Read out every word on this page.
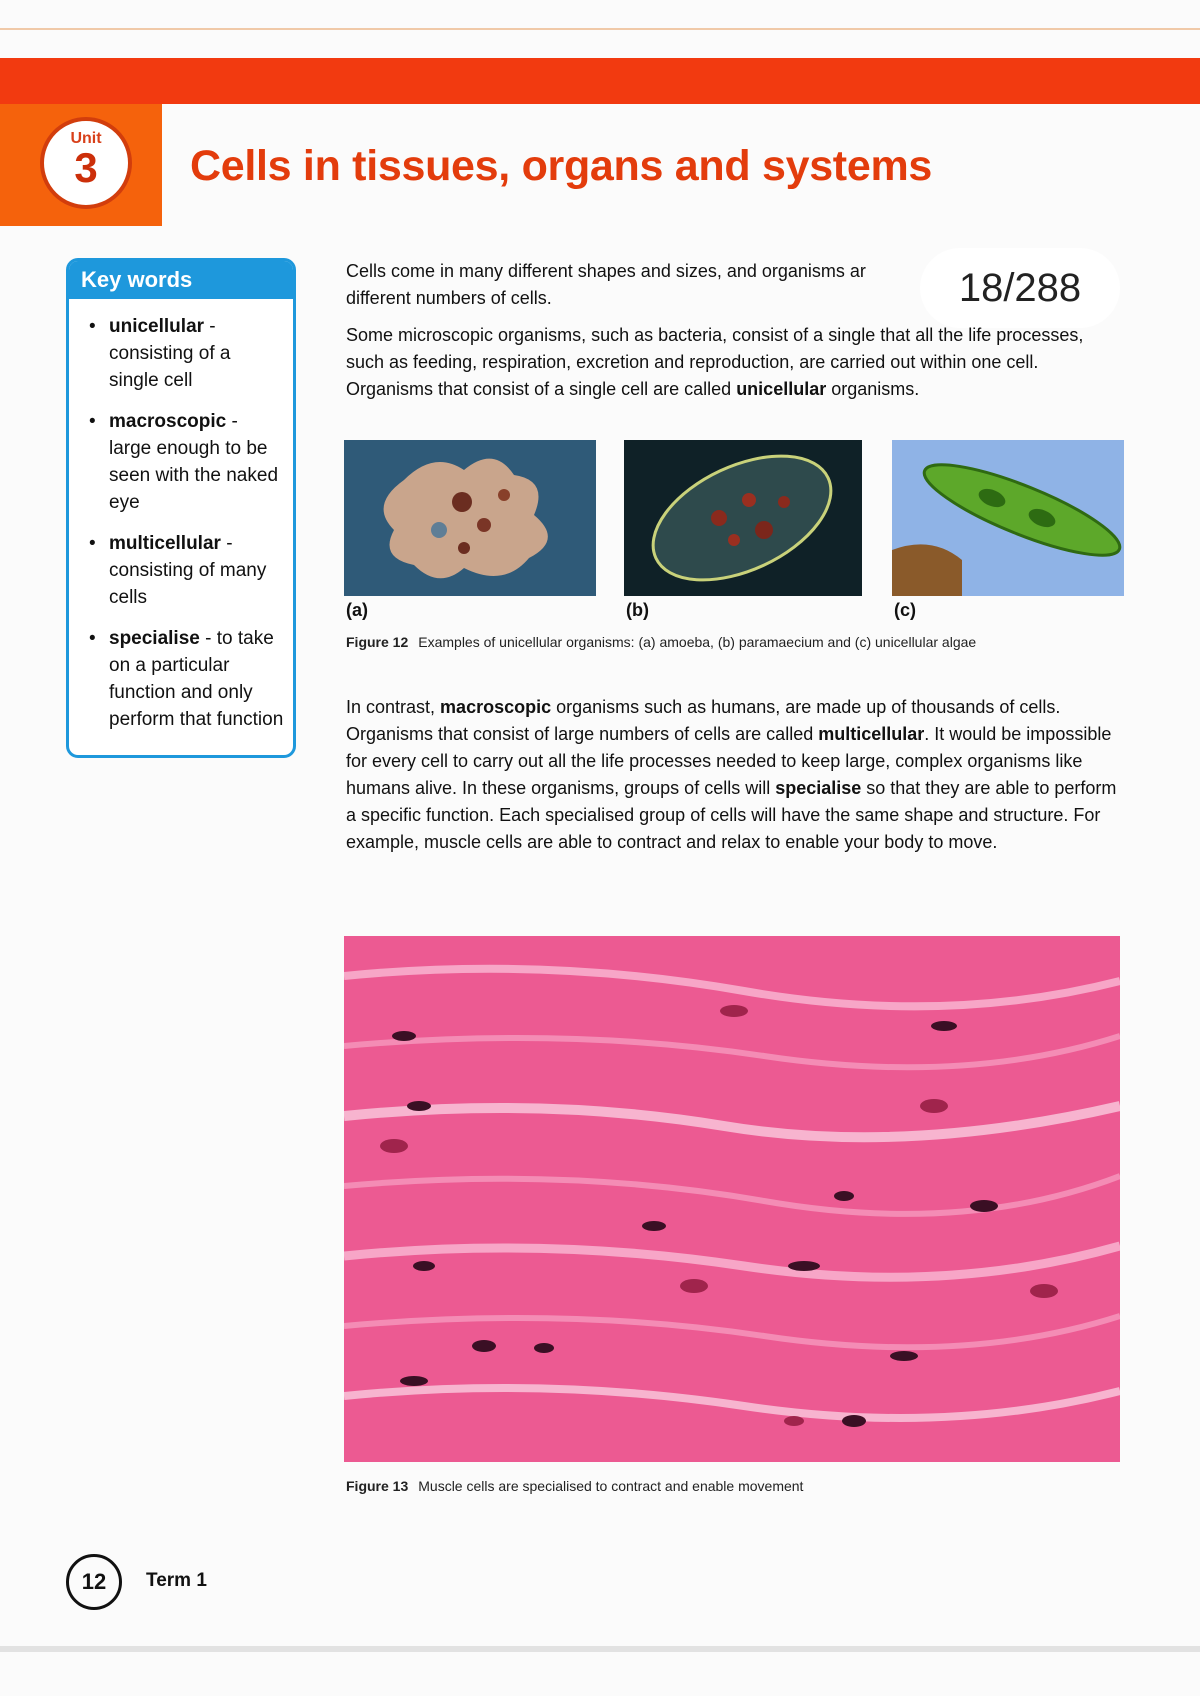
Unit
3 Cells in tissues, organs and systems
Key words
• unicellular - consisting of a single cell
• macroscopic - large enough to be seen with the naked eye
• multicellular - consisting of many cells
• specialise - to take on a particular function and only perform that function

Cells come in many different shapes and sizes, and organisms ar
different numbers of cells.	18/288

Some microscopic organisms, such as bacteria, consist of a single that all the life processes, such as feeding, respiration, excretion and reproduction, are carried out within one cell. Organisms that consist of a single cell are called unicellular organisms.

(a)	(b)	(c)
Figure 12 Examples of unicellular organisms: (a) amoeba, (b) paramaecium and (c) unicellular algae

In contrast, macroscopic organisms such as humans, are made up of thousands of cells. Organisms that consist of large numbers of cells are called multicellular. It would be impossible for every cell to carry out all the life processes needed to keep large, complex organisms like humans alive. In these organisms, groups of cells will specialise so that they are able to perform a specific function. Each specialised group of cells will have the same shape and structure. For example, muscle cells are able to contract and relax to enable your body to move.

Figure 13 Muscle cells are specialised to contract and enable movement
12	Term 1
